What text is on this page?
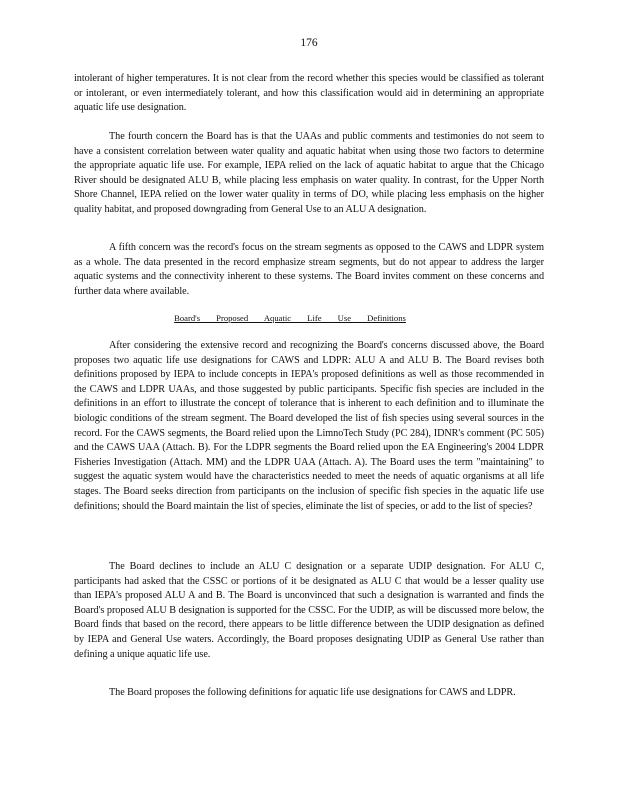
176

intolerant of higher temperatures. It is not clear from the record whether this species would be classified as tolerant or intolerant, or even intermediately tolerant, and how this classification would aid in determining an appropriate aquatic life use designation.

The fourth concern the Board has is that the UAAs and public comments and testimonies do not seem to have a consistent correlation between water quality and aquatic habitat when using those two factors to determine the appropriate aquatic life use. For example, IEPA relied on the lack of aquatic habitat to argue that the Chicago River should be designated ALU B, while placing less emphasis on water quality. In contrast, for the Upper North Shore Channel, IEPA relied on the lower water quality in terms of DO, while placing less emphasis on the higher quality habitat, and proposed downgrading from General Use to an ALU A designation.

A fifth concern was the record's focus on the stream segments as opposed to the CAWS and LDPR system as a whole. The data presented in the record emphasize stream segments, but do not appear to address the larger aquatic systems and the connectivity inherent to these systems. The Board invites comment on these concerns and further data where available.

Board's Proposed Aquatic Life Use Definitions

After considering the extensive record and recognizing the Board's concerns discussed above, the Board proposes two aquatic life use designations for CAWS and LDPR: ALU A and ALU B. The Board revises both definitions proposed by IEPA to include concepts in IEPA's proposed definitions as well as those recommended in the CAWS and LDPR UAAs, and those suggested by public participants. Specific fish species are included in the definitions in an effort to illustrate the concept of tolerance that is inherent to each definition and to illuminate the biologic conditions of the stream segment. The Board developed the list of fish species using several sources in the record. For the CAWS segments, the Board relied upon the LimnoTech Study (PC 284), IDNR's comment (PC 505) and the CAWS UAA (Attach. B). For the LDPR segments the Board relied upon the EA Engineering's 2004 LDPR Fisheries Investigation (Attach. MM) and the LDPR UAA (Attach. A). The Board uses the term "maintaining" to suggest the aquatic system would have the characteristics needed to meet the needs of aquatic organisms at all life stages. The Board seeks direction from participants on the inclusion of specific fish species in the aquatic life use definitions; should the Board maintain the list of species, eliminate the list of species, or add to the list of species?

The Board declines to include an ALU C designation or a separate UDIP designation. For ALU C, participants had asked that the CSSC or portions of it be designated as ALU C that would be a lesser quality use than IEPA's proposed ALU A and B. The Board is unconvinced that such a designation is warranted and finds the Board's proposed ALU B designation is supported for the CSSC. For the UDIP, as will be discussed more below, the Board finds that based on the record, there appears to be little difference between the UDIP designation as defined by IEPA and General Use waters. Accordingly, the Board proposes designating UDIP as General Use rather than defining a unique aquatic life use.

The Board proposes the following definitions for aquatic life use designations for CAWS and LDPR.
